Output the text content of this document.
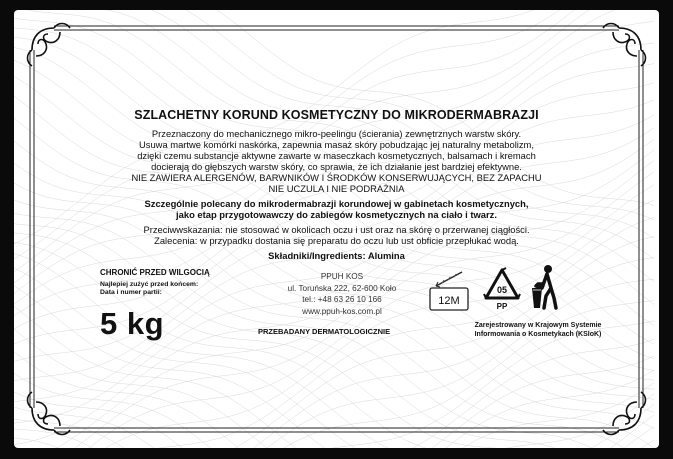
SZLACHETNY KORUND KOSMETYCZNY DO MIKRODERMABRAZJI
Przeznaczony do mechanicznego mikro-peelingu (ścierania) zewnętrznych warstw skóry.
Usuwa martwe komórki naskórka, zapewnia masaż skóry pobudzając jej naturalny metabolizm,
dzięki czemu substancje aktywne zawarte w maseczkach kosmetycznych, balsamach i kremach
docierają do głębszych warstw skóry, co sprawia, że ich działanie jest bardziej efektywne.
NIE ZAWIERA ALERGENÓW, BARWNIKÓW I ŚRODKÓW KONSERWUJĄCYCH, BEZ ZAPACHU
NIE UCZULA I NIE PODRAŻNIA
Szczególnie polecany do mikrodermabrazji korundowej w gabinetach kosmetycznych,
jako etap przygotowawczy do zabiegów kosmetycznych na ciało i twarz.
Przeciwwskazania: nie stosować w okolicach oczu i ust oraz na skórę o przerwanej ciągłości.
Zalecenia: w przypadku dostania się preparatu do oczu lub ust obficie przepłukać wodą.
Składniki/Ingredients: Alumina
CHRONIĆ PRZED WILGOCIĄ
Najlepiej zużyć przed końcem:
Data i numer partii:
5 kg
PPUH KOS
ul. Toruńska 222, 62-600 Koło
tel.: +48 63 26 10 166
www.ppuh-kos.com.pl
PRZEBADANY DERMATOLOGICZNIE
12M
05
PP
Zarejestrowany w Krajowym Systemie
Informowania o Kosmetykach (KSIoK)
